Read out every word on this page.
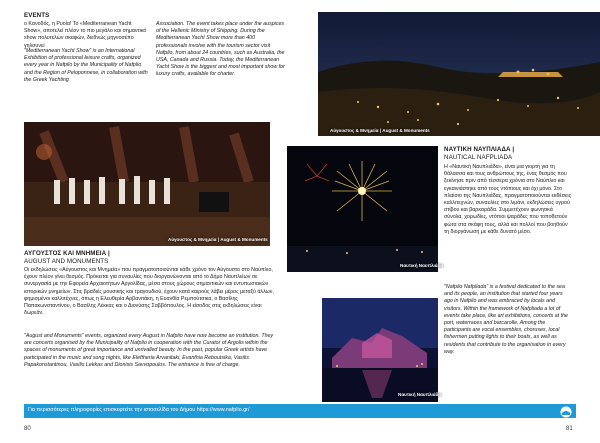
EVENTS
ο Κανοδός, η Ρυοία! Το «Mediterranean Yacht Show», αποτελεί πλέον το πιο μεγάλο και σημαντικό show πολυτελών σκαφών, διεθνώς μηγνοσέπο γηλσυνεί
"Mediterranean Yacht Show" is an International Exhibition of professional leisure crafts, organized every year in Nafplio by the Municipality of Nafplio and the Region of Peloponnese, in collaboration with the Greek Yachting
Association. The event takes place under the auspices of the Hellenic Ministry of Shipping. During the Mediterranean Yacht Show more than 400 professionals involve with the tourism sector visit Nafplio, from about 24 countries, such as Australia, the USA, Canada and Russia. Today, the Mediterranean Yacht Show is the biggest and most important show for luxury crafts, available for charter.
Αύγουστος & Μνημεία | August & Monuments
Αύγουστος & Μνημεία | August & Monuments
Ναυτική Ναυπλιάδα
Ναυτική Ναυπλιάδα
ΑΥΓΟΥΣΤΟΣ ΚΑΙ ΜΝΗΜΕΙΑ |
AUGUST AND MONUMENTS
Οι εκδηλώσεις «Αύγουστος και Μνημεία» που πραγματοποιούνται κάθε χρόνο τον Αύγουστο στο Ναύπλιο, έχουν πλέον γίνει θεσμός. Πρόκειται για συναυλίες που διοργανώνονται από το Δήμο Ναυπλιέων σε συνεργασία με την Εφορεία Αρχαιοτήτων Αργολίδας, μέσα στους χώρους σημαντικών και εντυπωσιακών ιστορικών μνημείων. Στις βραδιές μουσικής και τραγουδιού, έχουν κατά καιρούς λάβει μέρος μεταξύ άλλων, φημισμένοι καλλιτέχνες, όπως η Ελευθερία Αρβανιτάκη, η Ευανθία Ρεμπούτσικα, ο Βασίλης Παπακωνσταντίνου, ο Βασίλης Λέκκας και ο Διονύσης Σαββόπουλος. Η είσοδος στις εκδηλώσεις είναι δωρεάν.
"August and Monuments" events, organized every August in Nafplio have now become an institution. They are concerts organised by the Municipality of Nafplio in cooperation with the Curator of Argolis within the spaces of monuments of great importance and unrivalled beauty. In the past, popular Greek artists have participated in the music and song nights, like Eleftheria Arvanitaki, Evanthia Reboutsika, Vasilis Papakonstantinou, Vasilis Lekkas and Dionisis Savvopoulos. The entrance is free of charge.
ΝΑΥΤΙΚΗ ΝΑΥΠΛΙΑΔΑ |
NAUTICAL NAFPLIADA
Η «Ναυτική Ναυπλιάδα», είναι μια γιορτή για τη θάλασσα και τους ανθρώπους της, ένας θεσμός που ξεκίνησε πριν από τέσσερα χρόνια στο Ναύπλιο και εγκαινιάστηκε από τους ντόπιους και όχι μόνο. Στο πλαίσιο της Ναυπλιάδας, πραγματοποιούνται εκθέσεις καλλιτεχνών, συναυλίες στο λιμάνι, εκδηλώσεις υγρού στίβου και βαρκαράδα. Συμμετέχουν φωνητικά σύνολα, χορωδίες, ντόπιοι ψαράδες που τοποθετούν φώτα στα σκάφη τους, αλλά και πολλοί που βοηθούν τη διοργάνωση με κάθε δυνατό μέσο.
"Nafplio Nafpliada" is a festival dedicated to the sea and its people, an institution that started four years ago in Nafplio and was embraced by locals and visitors. Within the framework of Nafpliada a lot of events take place, like art exhibitions, concerts at the port, waterraces and barcarolle. Among the participants are vocal ensembles, choruses, local fishermen putting lights to their boats, as well as residents that contribute to the organisation in every way.
Για περισσότερες πληροφορίες επισκεφτείτε την ιστοσελίδα του Δήμου https://www.nafplio.gr/
80	81
